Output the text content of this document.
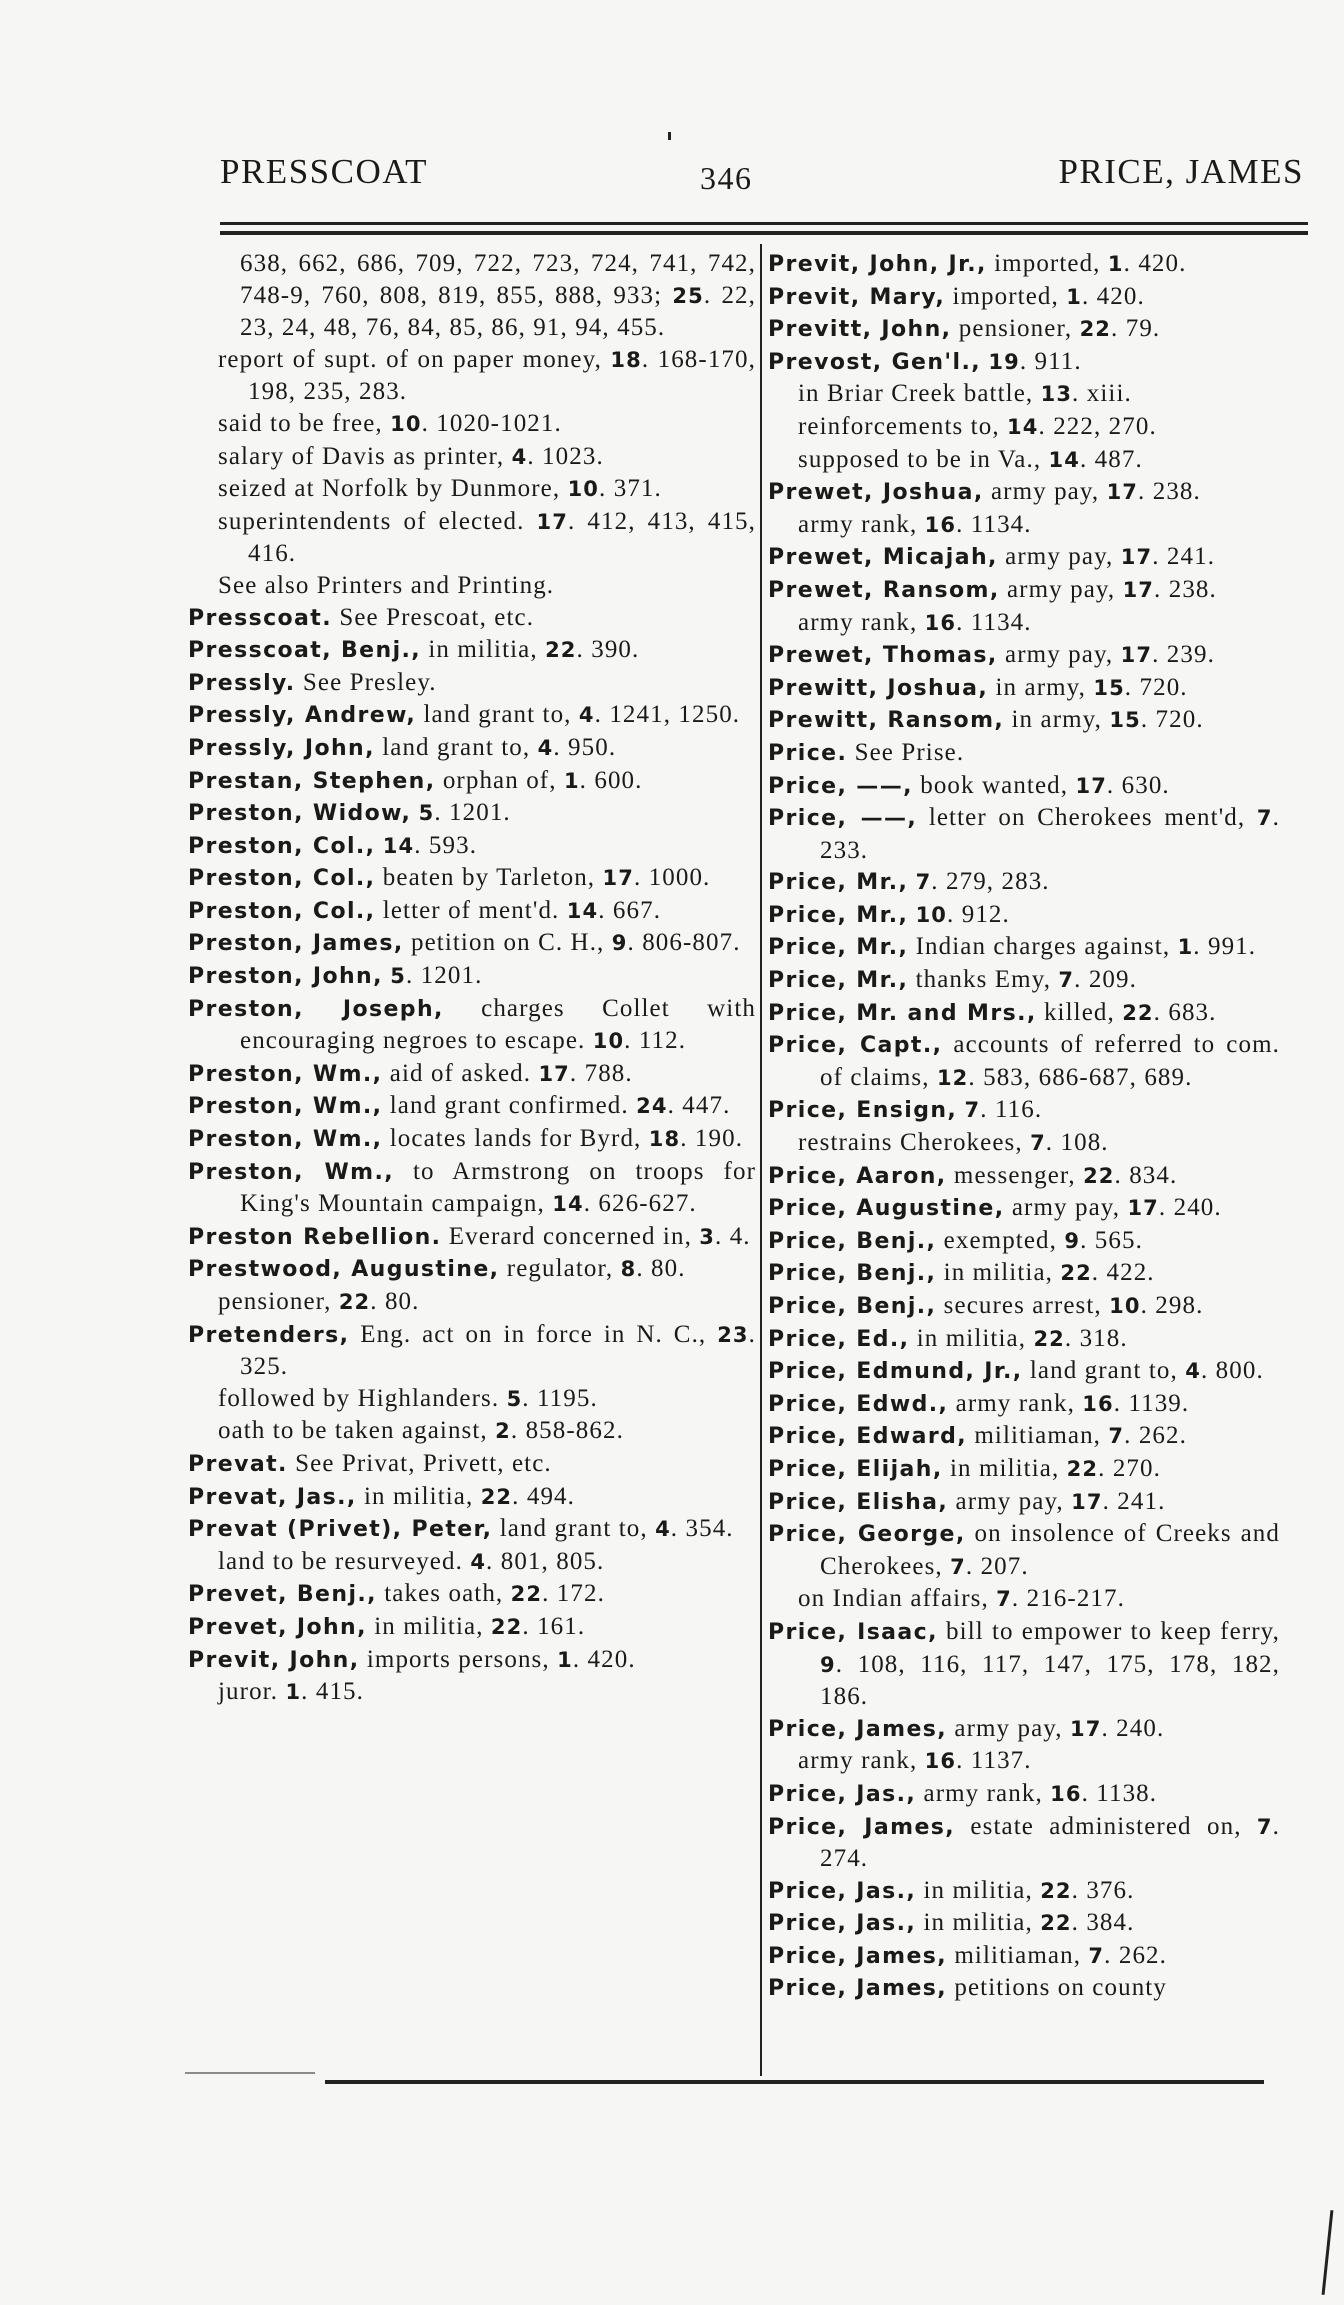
PRESSCOAT	346	PRICE, JAMES

638, 662, 686, 709, 722, 723, 724, 741, 742, 748-9, 760, 808, 819, 855, 888, 933; 25. 22, 23, 24, 48, 76, 84, 85, 86, 91, 94, 455.

report of supt. of on paper money, 18. 168-170, 198, 235, 283.

said to be free, 10. 1020-1021.

salary of Davis as printer, 4. 1023.

seized at Norfolk by Dunmore, 10. 371.

superintendents of elected. 17. 412, 413, 415, 416.

See also Printers and Printing.

Presscoat. See Prescoat, etc.

Presscoat, Benj., in militia, 22. 390.

Pressly. See Presley.

Pressly, Andrew, land grant to, 4. 1241, 1250.

Pressly, John, land grant to, 4. 950.

Prestan, Stephen, orphan of, 1. 600.

Preston, Widow, 5. 1201.

Preston, Col., 14. 593.

Preston, Col., beaten by Tarleton, 17. 1000.

Preston, Col., letter of ment'd. 14. 667.

Preston, James, petition on C. H., 9. 806-807.

Preston, John, 5. 1201.

Preston, Joseph, charges Collet with encouraging negroes to escape. 10. 112.

Preston, Wm., aid of asked. 17. 788.

Preston, Wm., land grant confirmed. 24. 447.

Preston, Wm., locates lands for Byrd, 18. 190.

Preston, Wm., to Armstrong on troops for King's Mountain campaign, 14. 626-627.

Preston Rebellion. Everard concerned in, 3. 4.

Prestwood, Augustine, regulator, 8. 80.

pensioner, 22. 80.

Pretenders, Eng. act on in force in N. C., 23. 325.

followed by Highlanders. 5. 1195.

oath to be taken against, 2. 858-862.

Prevat. See Privat, Privett, etc.

Prevat, Jas., in militia, 22. 494.

Prevat (Privet), Peter, land grant to, 4. 354.

land to be resurveyed. 4. 801, 805.

Prevet, Benj., takes oath, 22. 172.

Prevet, John, in militia, 22. 161.

Previt, John, imports persons, 1. 420.

juror. 1. 415.

Previt, John, Jr., imported, 1. 420.

Previt, Mary, imported, 1. 420.

Previtt, John, pensioner, 22. 79.

Prevost, Gen'l., 19. 911.

in Briar Creek battle, 13. xiii.

reinforcements to, 14. 222, 270.

supposed to be in Va., 14. 487.

Prewet, Joshua, army pay, 17. 238.

army rank, 16. 1134.

Prewet, Micajah, army pay, 17. 241.

Prewet, Ransom, army pay, 17. 238.

army rank, 16. 1134.

Prewet, Thomas, army pay, 17. 239.

Prewitt, Joshua, in army, 15. 720.

Prewitt, Ransom, in army, 15. 720.

Price. See Prise.

Price, ——, book wanted, 17. 630.

Price, ——, letter on Cherokees ment'd, 7. 233.

Price, Mr., 7. 279, 283.

Price, Mr., 10. 912.

Price, Mr., Indian charges against, 1. 991.

Price, Mr., thanks Emy, 7. 209.

Price, Mr. and Mrs., killed, 22. 683.

Price, Capt., accounts of referred to com. of claims, 12. 583, 686-687, 689.

Price, Ensign, 7. 116.

restrains Cherokees, 7. 108.

Price, Aaron, messenger, 22. 834.

Price, Augustine, army pay, 17. 240.

Price, Benj., exempted, 9. 565.

Price, Benj., in militia, 22. 422.

Price, Benj., secures arrest, 10. 298.

Price, Ed., in militia, 22. 318.

Price, Edmund, Jr., land grant to, 4. 800.

Price, Edwd., army rank, 16. 1139.

Price, Edward, militiaman, 7. 262.

Price, Elijah, in militia, 22. 270.

Price, Elisha, army pay, 17. 241.

Price, George, on insolence of Creeks and Cherokees, 7. 207.

on Indian affairs, 7. 216-217.

Price, Isaac, bill to empower to keep ferry, 9. 108, 116, 117, 147, 175, 178, 182, 186.

Price, James, army pay, 17. 240.

army rank, 16. 1137.

Price, Jas., army rank, 16. 1138.

Price, James, estate administered on, 7. 274.

Price, Jas., in militia, 22. 376.

Price, Jas., in militia, 22. 384.

Price, James, militiaman, 7. 262.

Price, James, petitions on county
